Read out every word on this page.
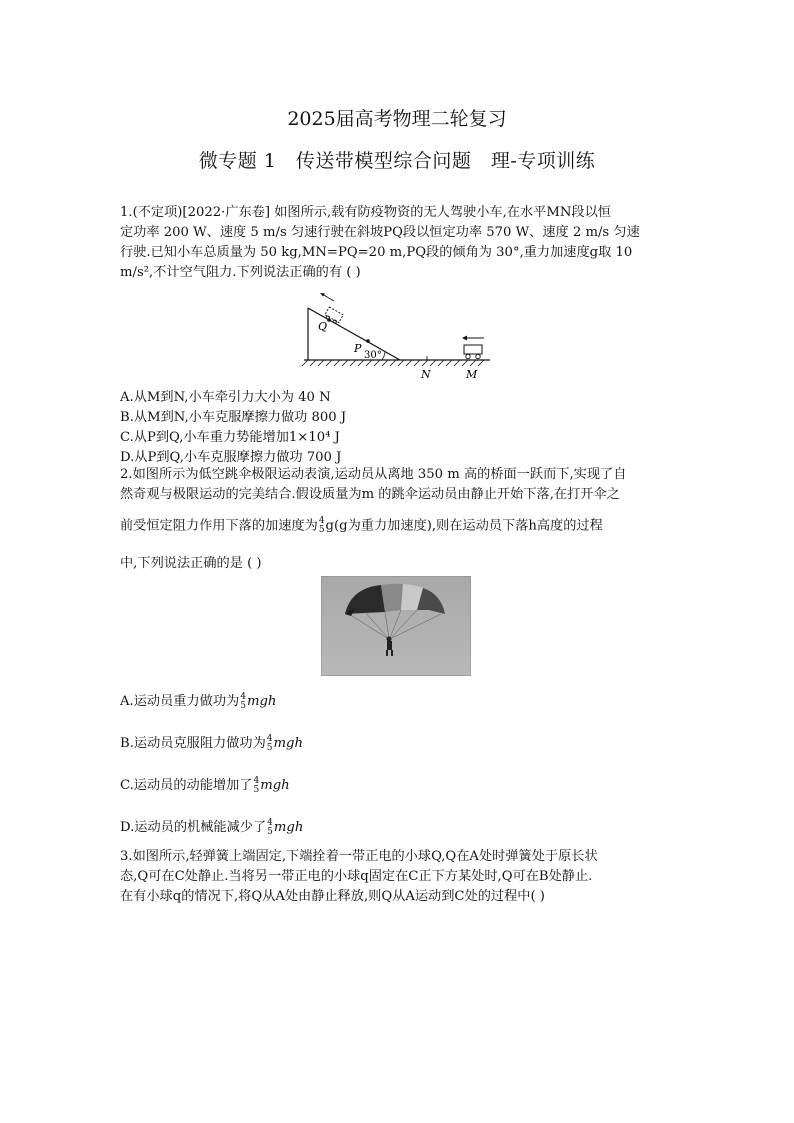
2025届高考物理二轮复习
微专题 1　传送带模型综合问题　理-专项训练
1.(不定项)[2022·广东卷] 如图所示,载有防疫物资的无人驾驶小车,在水平MN段以恒
定功率 200 W、速度 5 m/s 匀速行驶在斜坡PQ段以恒定功率 570 W、速度 2 m/s 匀速
行驶.已知小车总质量为 50 kg,MN=PQ=20 m,PQ段的倾角为 30°,重力加速度g取 10
m/s²,不计空气阻力.下列说法正确的有 ( )
Q
P
30°
N	M
A.从M到N,小车牵引力大小为 40 N
B.从M到N,小车克服摩擦力做功 800 J
C.从P到Q,小车重力势能增加1×10⁴ J
D.从P到Q,小车克服摩擦力做功 700 J
2.如图所示为低空跳伞极限运动表演,运动员从离地 350 m 高的桥面一跃而下,实现了自
然奇观与极限运动的完美结合.假设质量为m 的跳伞运动员由静止开始下落,在打开伞之
前受恒定阻力作用下落的加速度为 4
5 g(g为重力加速度),则在运动员下落h高度的过程
中,下列说法正确的是 ( )
A.运动员重力做功为 4
5 mgh
B.运动员克服阻力做功为 4
5 mgh
C.运动员的动能增加了 4
5 mgh
D.运动员的机械能减少了 4
5 mgh
3.如图所示,轻弹簧上端固定,下端拴着一带正电的小球Q,Q在A处时弹簧处于原长状
态,Q可在C处静止.当将另一带正电的小球q固定在C正下方某处时,Q可在B处静止.
在有小球q的情况下,将Q从A处由静止释放,则Q从A运动到C处的过程中( )
